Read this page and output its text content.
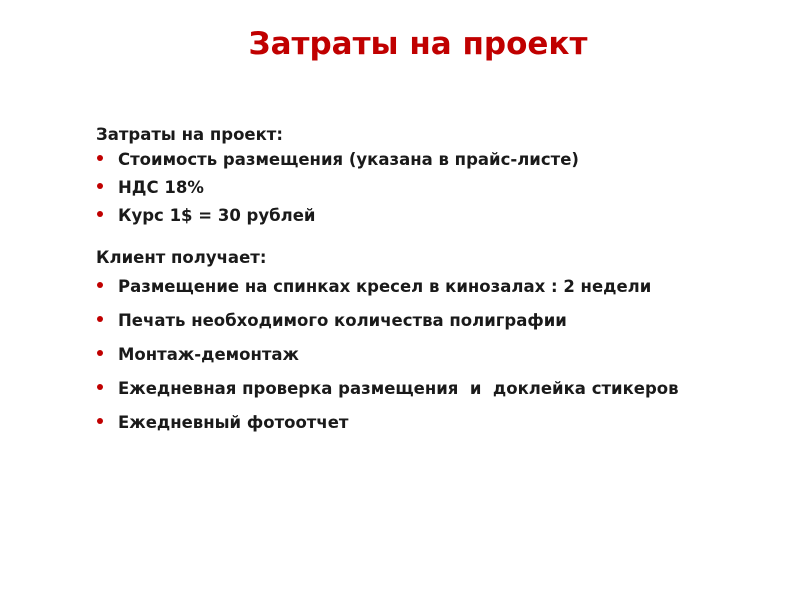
Затраты на проект
Затраты на проект:
Стоимость размещения (указана в прайс-листе)
НДС 18%
Курс 1$ = 30 рублей
Клиент получает:
Размещение на спинках кресел в кинозалах : 2 недели
Печать необходимого количества полиграфии
Монтаж-демонтаж
Ежедневная проверка размещения  и  доклейка стикеров
Ежедневный фотоотчет
